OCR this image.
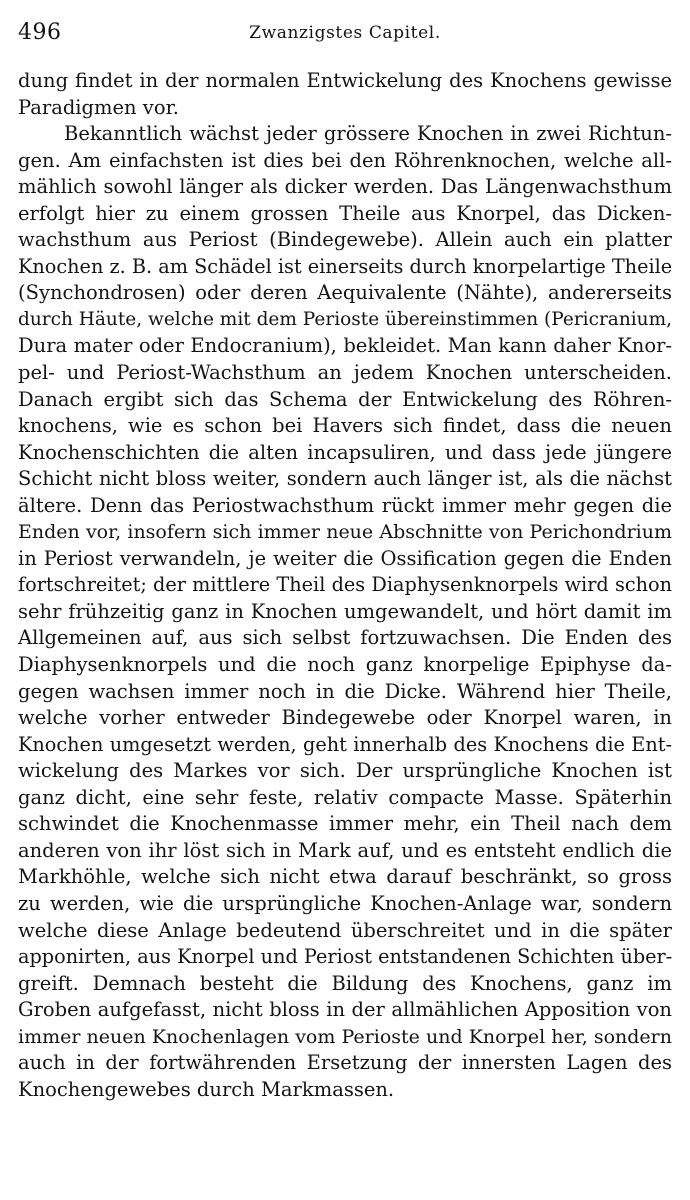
496	Zwanzigstes Capitel.
dung findet in der normalen Entwickelung des Knochens gewisse
Paradigmen vor.
Bekanntlich wächst jeder grössere Knochen in zwei Richtun-
gen. Am einfachsten ist dies bei den Röhrenknochen, welche all-
mählich sowohl länger als dicker werden. Das Längenwachsthum
erfolgt hier zu einem grossen Theile aus Knorpel, das Dicken-
wachsthum aus Periost (Bindegewebe). Allein auch ein platter
Knochen z. B. am Schädel ist einerseits durch knorpelartige Theile
(Synchondrosen) oder deren Aequivalente (Nähte), andererseits
durch Häute, welche mit dem Perioste übereinstimmen (Pericranium,
Dura mater oder Endocranium), bekleidet. Man kann daher Knor-
pel- und Periost-Wachsthum an jedem Knochen unterscheiden.
Danach ergibt sich das Schema der Entwickelung des Röhren-
knochens, wie es schon bei Havers sich findet, dass die neuen
Knochenschichten die alten incapsuliren, und dass jede jüngere
Schicht nicht bloss weiter, sondern auch länger ist, als die nächst
ältere. Denn das Periostwachsthum rückt immer mehr gegen die
Enden vor, insofern sich immer neue Abschnitte von Perichondrium
in Periost verwandeln, je weiter die Ossification gegen die Enden
fortschreitet; der mittlere Theil des Diaphysenknorpels wird schon
sehr frühzeitig ganz in Knochen umgewandelt, und hört damit im
Allgemeinen auf, aus sich selbst fortzuwachsen. Die Enden des
Diaphysenknorpels und die noch ganz knorpelige Epiphyse da-
gegen wachsen immer noch in die Dicke. Während hier Theile,
welche vorher entweder Bindegewebe oder Knorpel waren, in
Knochen umgesetzt werden, geht innerhalb des Knochens die Ent-
wickelung des Markes vor sich. Der ursprüngliche Knochen ist
ganz dicht, eine sehr feste, relativ compacte Masse. Späterhin
schwindet die Knochenmasse immer mehr, ein Theil nach dem
anderen von ihr löst sich in Mark auf, und es entsteht endlich die
Markhöhle, welche sich nicht etwa darauf beschränkt, so gross
zu werden, wie die ursprüngliche Knochen-Anlage war, sondern
welche diese Anlage bedeutend überschreitet und in die später
apponirten, aus Knorpel und Periost entstandenen Schichten über-
greift. Demnach besteht die Bildung des Knochens, ganz im
Groben aufgefasst, nicht bloss in der allmählichen Apposition von
immer neuen Knochenlagen vom Perioste und Knorpel her, sondern
auch in der fortwährenden Ersetzung der innersten Lagen des
Knochengewebes durch Markmassen.
